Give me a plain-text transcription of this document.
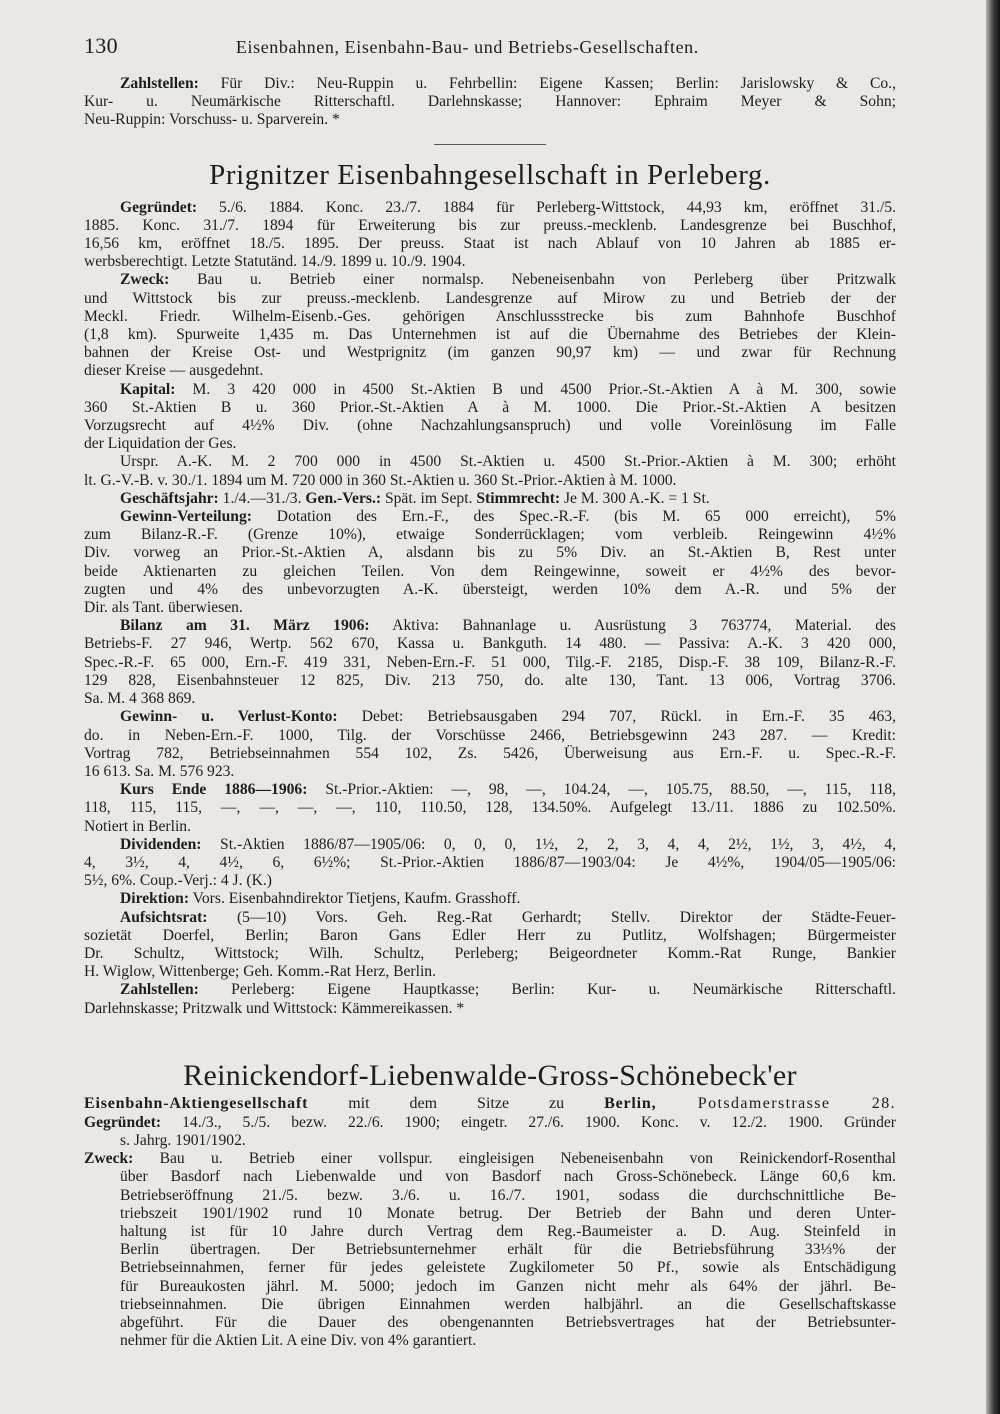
130	Eisenbahnen, Eisenbahn-Bau- und Betriebs-Gesellschaften.
Zahlstellen: Für Div.: Neu-Ruppin u. Fehrbellin: Eigene Kassen; Berlin: Jarislowsky & Co.,
Kur- u. Neumärkische Ritterschaftl. Darlehnskasse; Hannover: Ephraim Meyer & Sohn;
Neu-Ruppin: Vorschuss- u. Sparverein. *
Prignitzer Eisenbahngesellschaft in Perleberg.
Gegründet: 5./6. 1884. Konc. 23./7. 1884 für Perleberg-Wittstock, 44,93 km, eröffnet 31./5.
1885. Konc. 31./7. 1894 für Erweiterung bis zur preuss.-mecklenb. Landesgrenze bei Buschhof,
16,56 km, eröffnet 18./5. 1895. Der preuss. Staat ist nach Ablauf von 10 Jahren ab 1885 er-
werbsberechtigt. Letzte Statutänd. 14./9. 1899 u. 10./9. 1904.
Zweck: Bau u. Betrieb einer normalsp. Nebeneisenbahn von Perleberg über Pritzwalk
und Wittstock bis zur preuss.-mecklenb. Landesgrenze auf Mirow zu und Betrieb der der
Meckl. Friedr. Wilhelm-Eisenb.-Ges. gehörigen Anschlussstrecke bis zum Bahnhofe Buschhof
(1,8 km). Spurweite 1,435 m. Das Unternehmen ist auf die Übernahme des Betriebes der Klein-
bahnen der Kreise Ost- und Westprignitz (im ganzen 90,97 km) — und zwar für Rechnung
dieser Kreise — ausgedehnt.
Kapital: M. 3 420 000 in 4500 St.-Aktien B und 4500 Prior.-St.-Aktien A à M. 300, sowie
360 St.-Aktien B u. 360 Prior.-St.-Aktien A à M. 1000. Die Prior.-St.-Aktien A besitzen
Vorzugsrecht auf 4½% Div. (ohne Nachzahlungsanspruch) und volle Voreinlösung im Falle
der Liquidation der Ges.
Urspr. A.-K. M. 2 700 000 in 4500 St.-Aktien u. 4500 St.-Prior.-Aktien à M. 300; erhöht
lt. G.-V.-B. v. 30./1. 1894 um M. 720 000 in 360 St.-Aktien u. 360 St.-Prior.-Aktien à M. 1000.
Geschäftsjahr: 1./4.—31./3. Gen.-Vers.: Spät. im Sept. Stimmrecht: Je M. 300 A.-K. = 1 St.
Gewinn-Verteilung: Dotation des Ern.-F., des Spec.-R.-F. (bis M. 65 000 erreicht), 5%
zum Bilanz-R.-F. (Grenze 10%), etwaige Sonderrücklagen; vom verbleib. Reingewinn 4½%
Div. vorweg an Prior.-St.-Aktien A, alsdann bis zu 5% Div. an St.-Aktien B, Rest unter
beide Aktienarten zu gleichen Teilen. Von dem Reingewinne, soweit er 4½% des bevor-
zugten und 4% des unbevorzugten A.-K. übersteigt, werden 10% dem A.-R. und 5% der
Dir. als Tant. überwiesen.
Bilanz am 31. März 1906: Aktiva: Bahnanlage u. Ausrüstung 3 763774, Material. des
Betriebs-F. 27 946, Wertp. 562 670, Kassa u. Bankguth. 14 480. — Passiva: A.-K. 3 420 000,
Spec.-R.-F. 65 000, Ern.-F. 419 331, Neben-Ern.-F. 51 000, Tilg.-F. 2185, Disp.-F. 38 109, Bilanz-R.-F.
129 828, Eisenbahnsteuer 12 825, Div. 213 750, do. alte 130, Tant. 13 006, Vortrag 3706.
Sa. M. 4 368 869.
Gewinn- u. Verlust-Konto: Debet: Betriebsausgaben 294 707, Rückl. in Ern.-F. 35 463,
do. in Neben-Ern.-F. 1000, Tilg. der Vorschüsse 2466, Betriebsgewinn 243 287. — Kredit:
Vortrag 782, Betriebseinnahmen 554 102, Zs. 5426, Überweisung aus Ern.-F. u. Spec.-R.-F.
16 613. Sa. M. 576 923.
Kurs Ende 1886—1906: St.-Prior.-Aktien: —, 98, —, 104.24, —, 105.75, 88.50, —, 115, 118,
118, 115, 115, —, —, —, —, 110, 110.50, 128, 134.50%. Aufgelegt 13./11. 1886 zu 102.50%.
Notiert in Berlin.
Dividenden: St.-Aktien 1886/87—1905/06: 0, 0, 0, 1½, 2, 2, 3, 4, 4, 2½, 1½, 3, 4½, 4,
4, 3½, 4, 4½, 6, 6½%; St.-Prior.-Aktien 1886/87—1903/04: Je 4½%, 1904/05—1905/06:
5½, 6%. Coup.-Verj.: 4 J. (K.)
Direktion: Vors. Eisenbahndirektor Tietjens, Kaufm. Grasshoff.
Aufsichtsrat: (5—10) Vors. Geh. Reg.-Rat Gerhardt; Stellv. Direktor der Städte-Feuer-
sozietät Doerfel, Berlin; Baron Gans Edler Herr zu Putlitz, Wolfshagen; Bürgermeister
Dr. Schultz, Wittstock; Wilh. Schultz, Perleberg; Beigeordneter Komm.-Rat Runge, Bankier
H. Wiglow, Wittenberge; Geh. Komm.-Rat Herz, Berlin.
Zahlstellen: Perleberg: Eigene Hauptkasse; Berlin: Kur- u. Neumärkische Ritterschaftl.
Darlehnskasse; Pritzwalk und Wittstock: Kämmereikassen. *
Reinickendorf-Liebenwalde-Gross-Schönebeck'er
Eisenbahn-Aktiengesellschaft mit dem Sitze zu Berlin, Potsdamerstrasse 28.
Gegründet: 14./3., 5./5. bezw. 22./6. 1900; eingetr. 27./6. 1900. Konc. v. 12./2. 1900. Gründer
s. Jahrg. 1901/1902.
Zweck: Bau u. Betrieb einer vollspur. eingleisigen Nebeneisenbahn von Reinickendorf-Rosenthal
über Basdorf nach Liebenwalde und von Basdorf nach Gross-Schönebeck. Länge 60,6 km.
Betriebseröffnung 21./5. bezw. 3./6. u. 16./7. 1901, sodass die durchschnittliche Be-
triebszeit 1901/1902 rund 10 Monate betrug. Der Betrieb der Bahn und deren Unter-
haltung ist für 10 Jahre durch Vertrag dem Reg.-Baumeister a. D. Aug. Steinfeld in
Berlin übertragen. Der Betriebsunternehmer erhält für die Betriebsführung 33⅓% der
Betriebseinnahmen, ferner für jedes geleistete Zugkilometer 50 Pf., sowie als Entschädigung
für Bureaukosten jährl. M. 5000; jedoch im Ganzen nicht mehr als 64% der jährl. Be-
triebseinnahmen. Die übrigen Einnahmen werden halbjährl. an die Gesellschaftskasse
abgeführt. Für die Dauer des obengenannten Betriebsvertrages hat der Betriebsunter-
nehmer für die Aktien Lit. A eine Div. von 4% garantiert.
